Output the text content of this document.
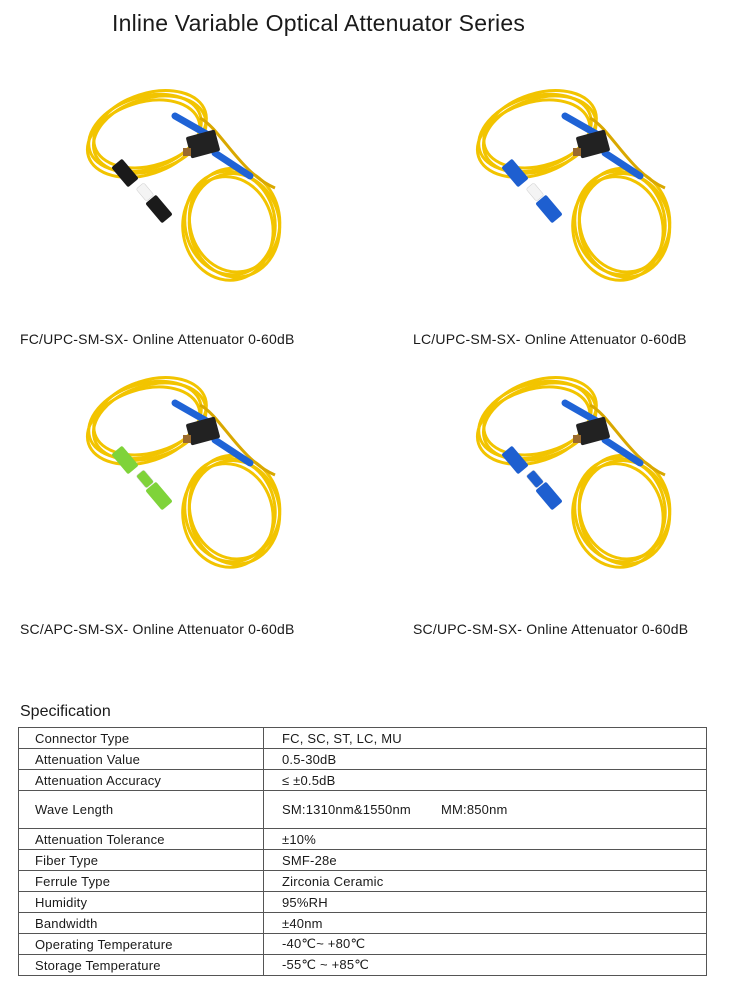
Inline Variable Optical Attenuator Series
FC/UPC-SM-SX- Online Attenuator 0-60dB	LC/UPC-SM-SX- Online Attenuator 0-60dB
SC/APC-SM-SX- Online Attenuator 0-60dB	SC/UPC-SM-SX- Online Attenuator 0-60dB
Specification
Connector Type	FC, SC, ST, LC, MU
Attenuation Value	0.5-30dB
Attenuation Accuracy	≤ ±0.5dB
Wave Length	SM:1310nm&1550nm MM:850nm
Attenuation Tolerance	±10%
Fiber Type	SMF-28e
Ferrule Type	Zirconia Ceramic
Humidity	95%RH
Bandwidth	±40nm
Operating Temperature	-40℃~ +80℃
Storage Temperature	-55℃ ~ +85℃
